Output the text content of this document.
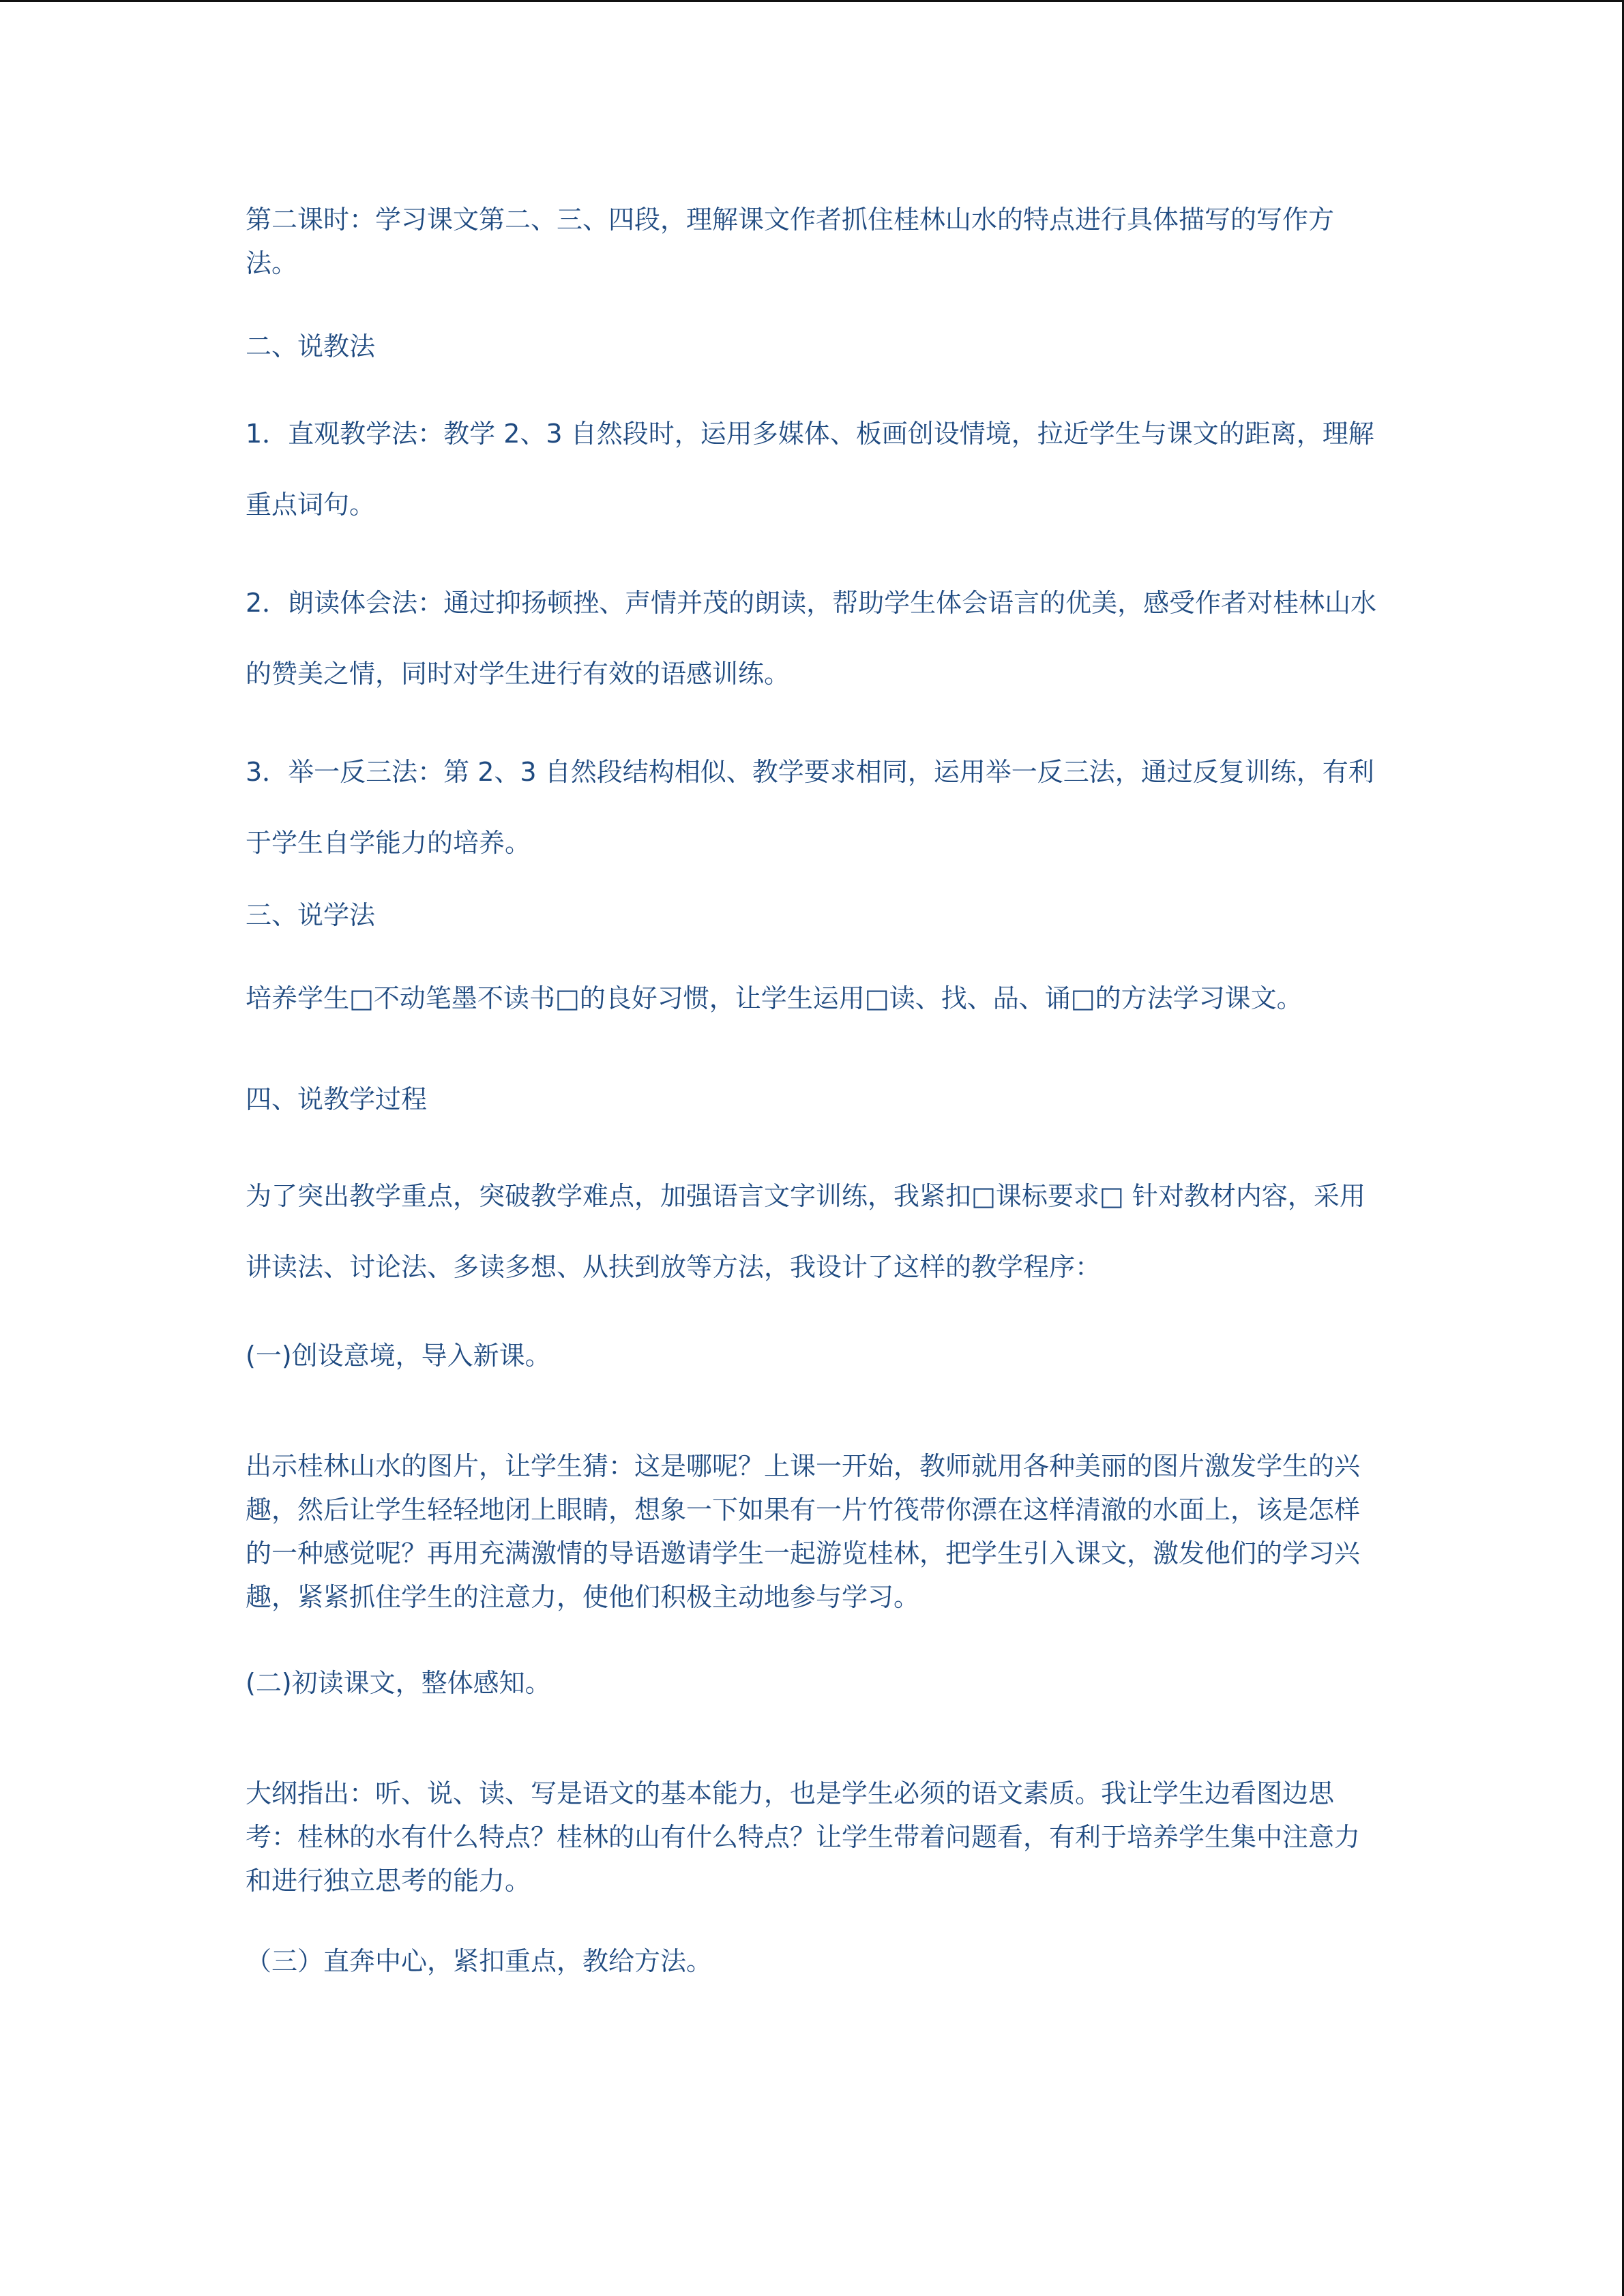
第二课时：学习课文第二、三、四段，理解课文作者抓住桂林山水的特点进行具体描写的写作方法。

二、说教法

1．直观教学法：教学 2、3 自然段时，运用多媒体、板画创设情境，拉近学生与课文的距离，理解重点词句。

2．朗读体会法：通过抑扬顿挫、声情并茂的朗读，帮助学生体会语言的优美，感受作者对桂林山水的赞美之情，同时对学生进行有效的语感训练。

3．举一反三法：第 2、3 自然段结构相似、教学要求相同，运用举一反三法，通过反复训练，有利于学生自学能力的培养。

三、说学法

培养学生□不动笔墨不读书□的良好习惯，让学生运用□读、找、品、诵□的方法学习课文。

四、说教学过程

为了突出教学重点，突破教学难点，加强语言文字训练，我紧扣□课标要求□ 针对教材内容，采用讲读法、讨论法、多读多想、从扶到放等方法，我设计了这样的教学程序：

(一)创设意境，导入新课。

出示桂林山水的图片，让学生猜：这是哪呢？上课一开始，教师就用各种美丽的图片激发学生的兴趣，然后让学生轻轻地闭上眼睛，想象一下如果有一片竹筏带你漂在这样清澈的水面上，该是怎样的一种感觉呢？再用充满激情的导语邀请学生一起游览桂林，把学生引入课文，激发他们的学习兴趣，紧紧抓住学生的注意力，使他们积极主动地参与学习。

(二)初读课文，整体感知。

大纲指出：听、说、读、写是语文的基本能力，也是学生必须的语文素质。我让学生边看图边思考：桂林的水有什么特点？桂林的山有什么特点？让学生带着问题看，有利于培养学生集中注意力和进行独立思考的能力。

（三）直奔中心，紧扣重点，教给方法。
